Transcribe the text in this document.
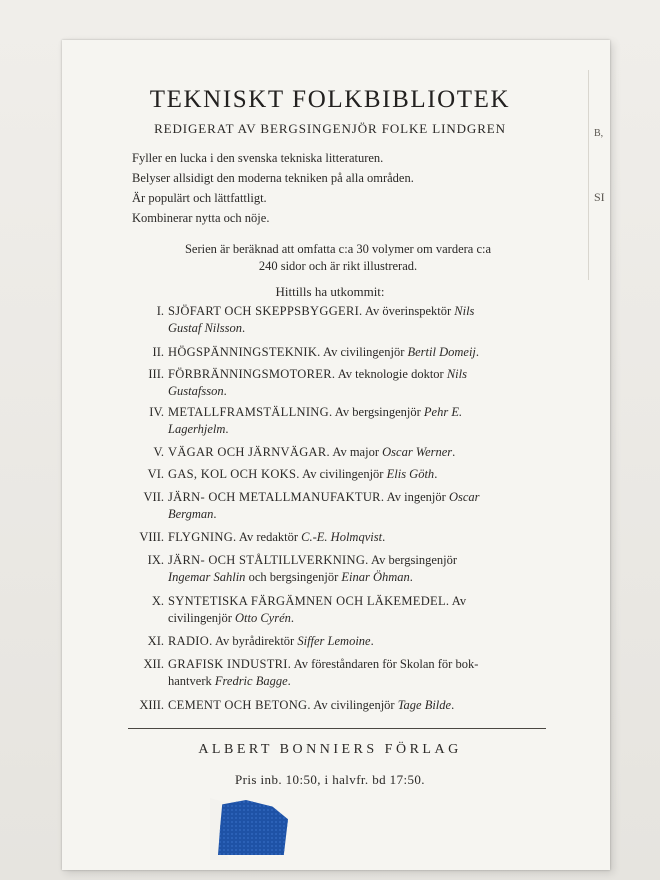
B,
SI
TEKNISKT FOLKBIBLIOTEK
REDIGERAT AV BERGSINGENJÖR FOLKE LINDGREN
Fyller en lucka i den svenska tekniska litteraturen.
Belyser allsidigt den moderna tekniken på alla områden.
Är populärt och lättfattligt.
Kombinerar nytta och nöje.
Serien är beräknad att omfatta c:a 30 volymer om vardera c:a
240 sidor och är rikt illustrerad.
Hittills ha utkommit:
I. SJÖFART OCH SKEPPSBYGGERI. Av överinspektör Nils
Gustaf Nilsson.
II. HÖGSPÄNNINGSTEKNIK. Av civilingenjör Bertil Domeij.
III. FÖRBRÄNNINGSMOTORER. Av teknologie doktor Nils
Gustafsson.
IV. METALLFRAMSTÄLLNING. Av bergsingenjör Pehr E.
Lagerhjelm.
V. VÄGAR OCH JÄRNVÄGAR. Av major Oscar Werner.
VI. GAS, KOL OCH KOKS. Av civilingenjör Elis Göth.
VII. JÄRN- OCH METALLMANUFAKTUR. Av ingenjör Oscar
Bergman.
VIII. FLYGNING. Av redaktör C.-E. Holmqvist.
IX. JÄRN- OCH STÅLTILLVERKNING. Av bergsingenjör
Ingemar Sahlin och bergsingenjör Einar Öhman.
X. SYNTETISKA FÄRGÄMNEN OCH LÄKEMEDEL. Av
civilingenjör Otto Cyrén.
XI. RADIO. Av byrådirektör Siffer Lemoine.
XII. GRAFISK INDUSTRI. Av föreståndaren för Skolan för bok-
hantverk Fredric Bagge.
XIII. CEMENT OCH BETONG. Av civilingenjör Tage Bilde.
ALBERT BONNIERS FÖRLAG
Pris inb. 10:50, i halvfr. bd 17:50.
